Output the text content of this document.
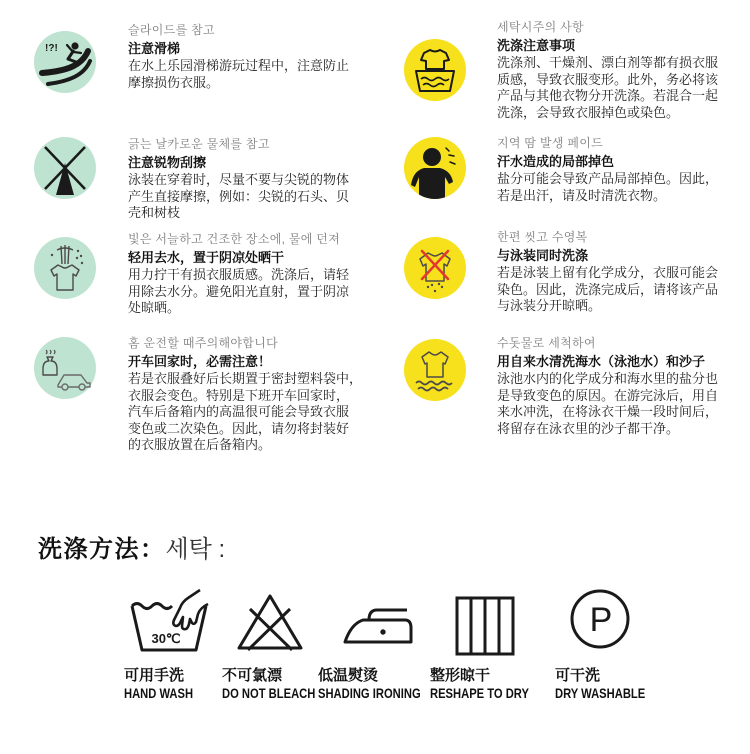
!?!
슬라이드를 참고
注意滑梯
在水上乐园滑梯游玩过程中，注意防止
摩擦损伤衣服。
긁는 날카로운 물체를 참고
注意锐物刮擦
泳装在穿着时，尽量不要与尖锐的物体
产生直接摩擦，例如：尖锐的石头、贝
壳和树枝
빛은 서늘하고 건조한 장소에, 물에 던져
轻用去水，置于阴凉处晒干
用力拧干有损衣服质感。洗涤后，请轻
用除去水分。避免阳光直射，置于阴凉
处晾晒。
홈 운전할 때주의해야합니다
开车回家时，必需注意！
若是衣服叠好后长期置于密封塑料袋中，
衣服会变色。特别是下班开车回家时，
汽车后备箱内的高温很可能会导致衣服
变色或二次染色。因此，请勿将封装好
的衣服放置在后备箱内。
세탁시주의 사항
洗涤注意事项
洗涤剂、干燥剂、漂白剂等都有损衣服
质感，导致衣服变形。此外，务必将该
产品与其他衣物分开洗涤。若混合一起
洗涤，会导致衣服掉色或染色。
지역 땀 발생 페이드
汗水造成的局部掉色
盐分可能会导致产品局部掉色。因此，
若是出汗，请及时清洗衣物。
한편 씻고 수영복
与泳装同时洗涤
若是泳装上留有化学成分，衣服可能会
染色。因此，洗涤完成后，请将该产品
与泳装分开晾晒。
수돗물로 세척하여
用自来水清洗海水（泳池水）和沙子
泳池水内的化学成分和海水里的盐分也
是导致变色的原因。在游完泳后，用自
来水冲洗，在将泳衣干燥一段时间后，
将留存在泳衣里的沙子都干净。
洗涤方法：세탁 :
30℃	P
可用手洗
HAND WASH
不可氯漂
DO NOT BLEACH
低温熨烫
SHADING IRONING
整形晾干
RESHAPE TO DRY
可干洗
DRY WASHABLE
